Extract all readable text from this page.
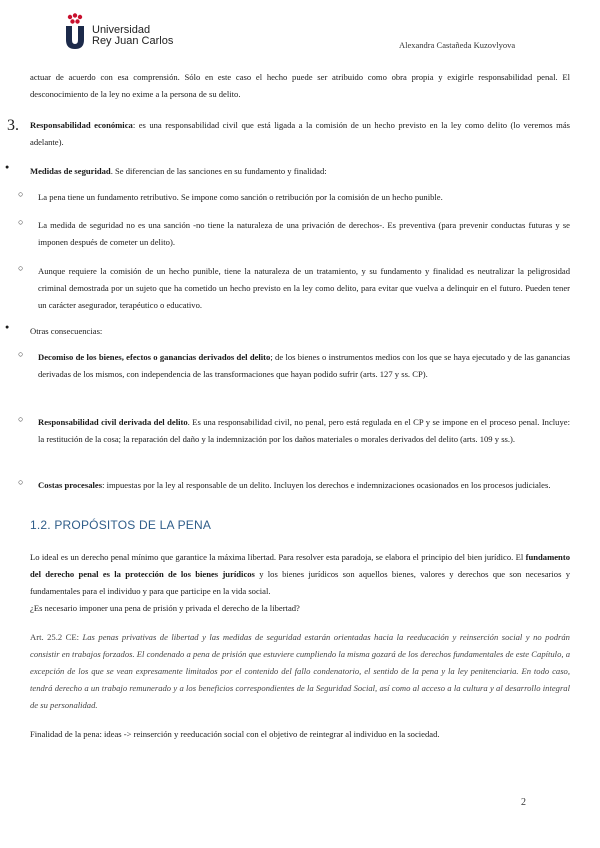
Universidad
Rey Juan Carlos	Alexandra Castañeda Kuzovlyova

actuar de acuerdo con esa comprensión. Sólo en este caso el hecho puede ser atribuido como obra propia y exigirle responsabilidad penal. El desconocimiento de la ley no exime a la persona de su delito.

3. Responsabilidad económica: es una responsabilidad civil que está ligada a la comisión de un hecho previsto en la ley como delito (lo veremos más adelante).

● Medidas de seguridad. Se diferencian de las sanciones en su fundamento y finalidad:

○ La pena tiene un fundamento retributivo. Se impone como sanción o retribución por la comisión de un hecho punible.

○ La medida de seguridad no es una sanción -no tiene la naturaleza de una privación de derechos-. Es preventiva (para prevenir conductas futuras y se imponen después de cometer un delito).

○ Aunque requiere la comisión de un hecho punible, tiene la naturaleza de un tratamiento, y su fundamento y finalidad es neutralizar la peligrosidad criminal demostrada por un sujeto que ha cometido un hecho previsto en la ley como delito, para evitar que vuelva a delinquir en el futuro. Pueden tener un carácter asegurador, terapéutico o educativo.

● Otras consecuencias:

○ Decomiso de los bienes, efectos o ganancias derivados del delito; de los bienes o instrumentos medios con los que se haya ejecutado y de las ganancias derivadas de los mismos, con independencia de las transformaciones que hayan podido sufrir (arts. 127 y ss. CP).

○ Responsabilidad civil derivada del delito. Es una responsabilidad civil, no penal, pero está regulada en el CP y se impone en el proceso penal. Incluye: la restitución de la cosa; la reparación del daño y la indemnización por los daños materiales o morales derivados del delito (arts. 109 y ss.).

○ Costas procesales: impuestas por la ley al responsable de un delito. Incluyen los derechos e indemnizaciones ocasionados en los procesos judiciales.

1.2. PROPÓSITOS DE LA PENA

Lo ideal es un derecho penal mínimo que garantice la máxima libertad. Para resolver esta paradoja, se elabora el principio del bien jurídico. El fundamento del derecho penal es la protección de los bienes jurídicos y los bienes jurídicos son aquellos bienes, valores y derechos que son necesarios y fundamentales para el individuo y para que participe en la vida social.

¿Es necesario imponer una pena de prisión y privada el derecho de la libertad?

Art. 25.2 CE: Las penas privativas de libertad y las medidas de seguridad estarán orientadas hacia la reeducación y reinserción social y no podrán consistir en trabajos forzados. El condenado a pena de prisión que estuviere cumpliendo la misma gozará de los derechos fundamentales de este Capítulo, a excepción de los que se vean expresamente limitados por el contenido del fallo condenatorio, el sentido de la pena y la ley penitenciaria. En todo caso, tendrá derecho a un trabajo remunerado y a los beneficios correspondientes de la Seguridad Social, así como al acceso a la cultura y al desarrollo integral de su personalidad.

Finalidad de la pena: ideas -> reinserción y reeducación social con el objetivo de reintegrar al individuo en la sociedad.

2
